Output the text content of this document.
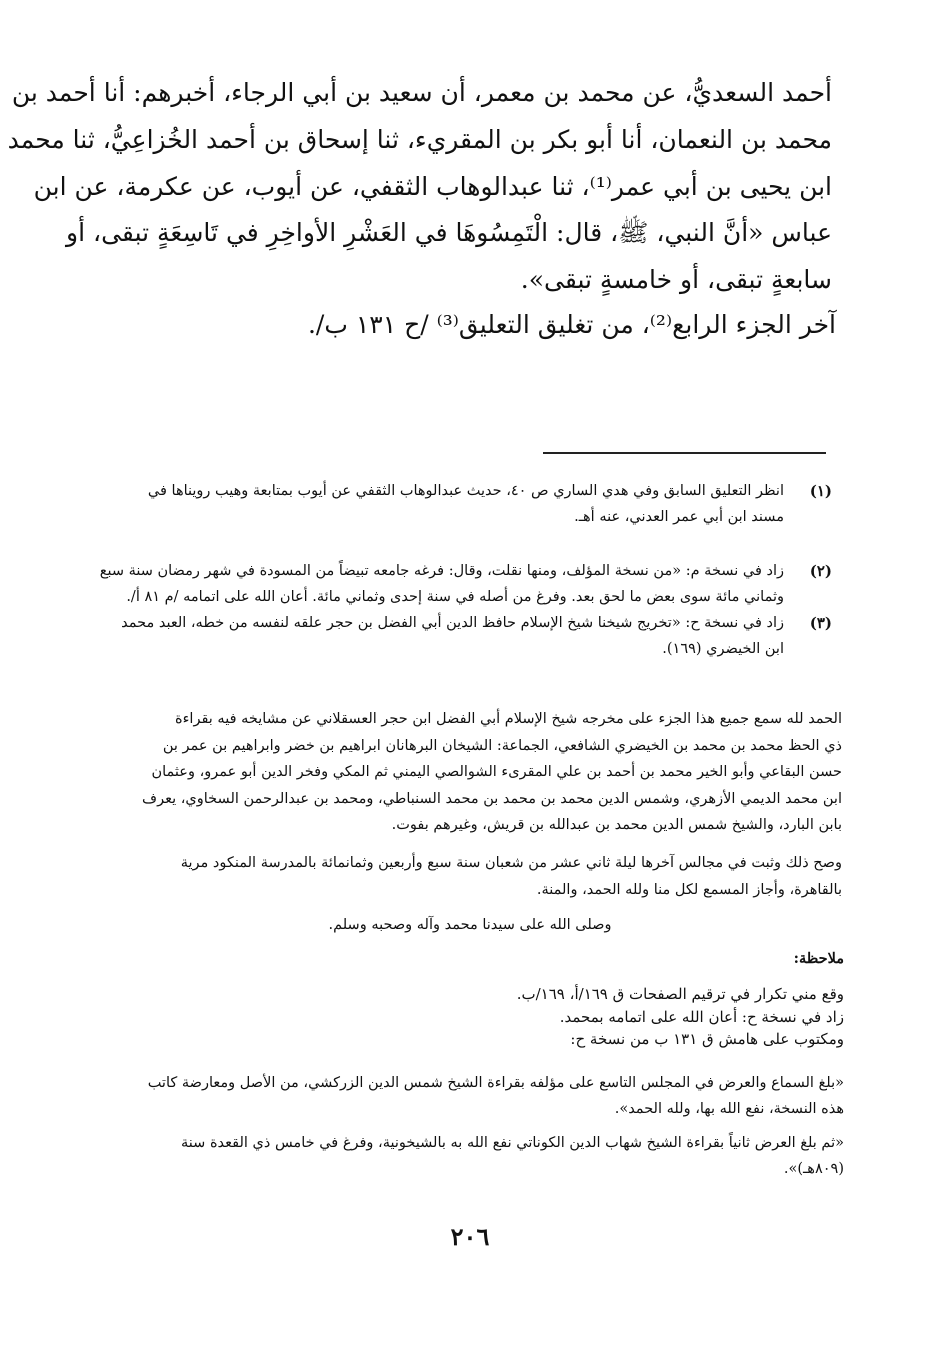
أحمد السعديُّ، عن محمد بن معمر، أن سعيد بن أبي الرجاء، أخبرهم: أنا أحمد بن
محمد بن النعمان، أنا أبو بكر بن المقريء، ثنا إسحاق بن أحمد الخُزاعِيُّ، ثنا محمد
ابن يحيى بن أبي عمر⁽¹⁾، ثنا عبدالوهاب الثقفي، عن أيوب، عن عكرمة، عن ابن
عباس «أنَّ النبي، ﷺ، قال: الْتَمِسُوهَا في العَشْرِ الأواخِرِ في تَاسِعَةٍ تبقى، أو
سابعةٍ تبقى، أو خامسةٍ تبقى».
آخر الجزء الرابع⁽²⁾، من تغليق التعليق⁽³⁾ /ح ١٣١ ب/.
(١)
انظر التعليق السابق وفي هدي الساري ص ٤٠، حديث عبدالوهاب الثقفي عن أيوب بمتابعة وهيب رويناها في
مسند ابن أبي عمر العدني، عنه أهـ.
(٢)
زاد في نسخة م: «من نسخة المؤلف، ومنها نقلت، وقال: فرغه جامعه تبيضاً من المسودة في شهر رمضان سنة سبع
وثماني مائة سوى بعض ما لحق بعد. وفرغ من أصله في سنة إحدى وثماني مائة. أعان الله على اتمامه /م ٨١ أ/.
(٣)
زاد في نسخة ح: «تخريج شيخنا شيخ الإسلام حافظ الدين أبي الفضل بن حجر علقه لنفسه من خطه، العبد محمد
ابن الخيضري (١٦٩).
الحمد لله سمع جميع هذا الجزء على مخرجه شيخ الإسلام أبي الفضل ابن حجر العسقلاني عن مشايخه فيه بقراءة
ذي الحظ محمد بن محمد بن الخيضري الشافعي، الجماعة: الشيخان البرهانان ابراهيم بن خضر وابراهيم بن عمر بن
حسن البقاعي وأبو الخير محمد بن أحمد بن علي المقرىء الشوالصي اليمني ثم المكي وفخر الدين أبو عمرو، وعثمان
ابن محمد الديمي الأزهري، وشمس الدين محمد بن محمد بن محمد السنباطي، ومحمد بن عبدالرحمن السخاوي، يعرف
بابن البارد، والشيخ شمس الدين محمد بن عبدالله بن قريش، وغيرهم بفوت.
وصح ذلك وثبت في مجالس آخرها ليلة ثاني عشر من شعبان سنة سبع وأربعين وثمانمائة بالمدرسة المنكود مرية
بالقاهرة، وأجاز المسمع لكل منا ولله الحمد، والمنة.
وصلى الله على سيدنا محمد وآله وصحبه وسلم.
ملاحظة:
وقع مني تكرار في ترقيم الصفحات ق ١٦٩/أ، ١٦٩/ب.
زاد في نسخة ح: أعان الله على اتمامه بمحمد.
ومكتوب على هامش ق ١٣١ ب من نسخة ح:
«بلغ السماع والعرض في المجلس التاسع على مؤلفه بقراءة الشيخ شمس الدين الزركشي، من الأصل ومعارضة كاتب
هذه النسخة، نفع الله بها، ولله الحمد».
«ثم بلغ العرض ثانياً بقراءة الشيخ شهاب الدين الكوناتي نفع الله به بالشيخونية، وفرغ في خامس ذي القعدة سنة
(٨٠٩هـ)».
٢٠٦
